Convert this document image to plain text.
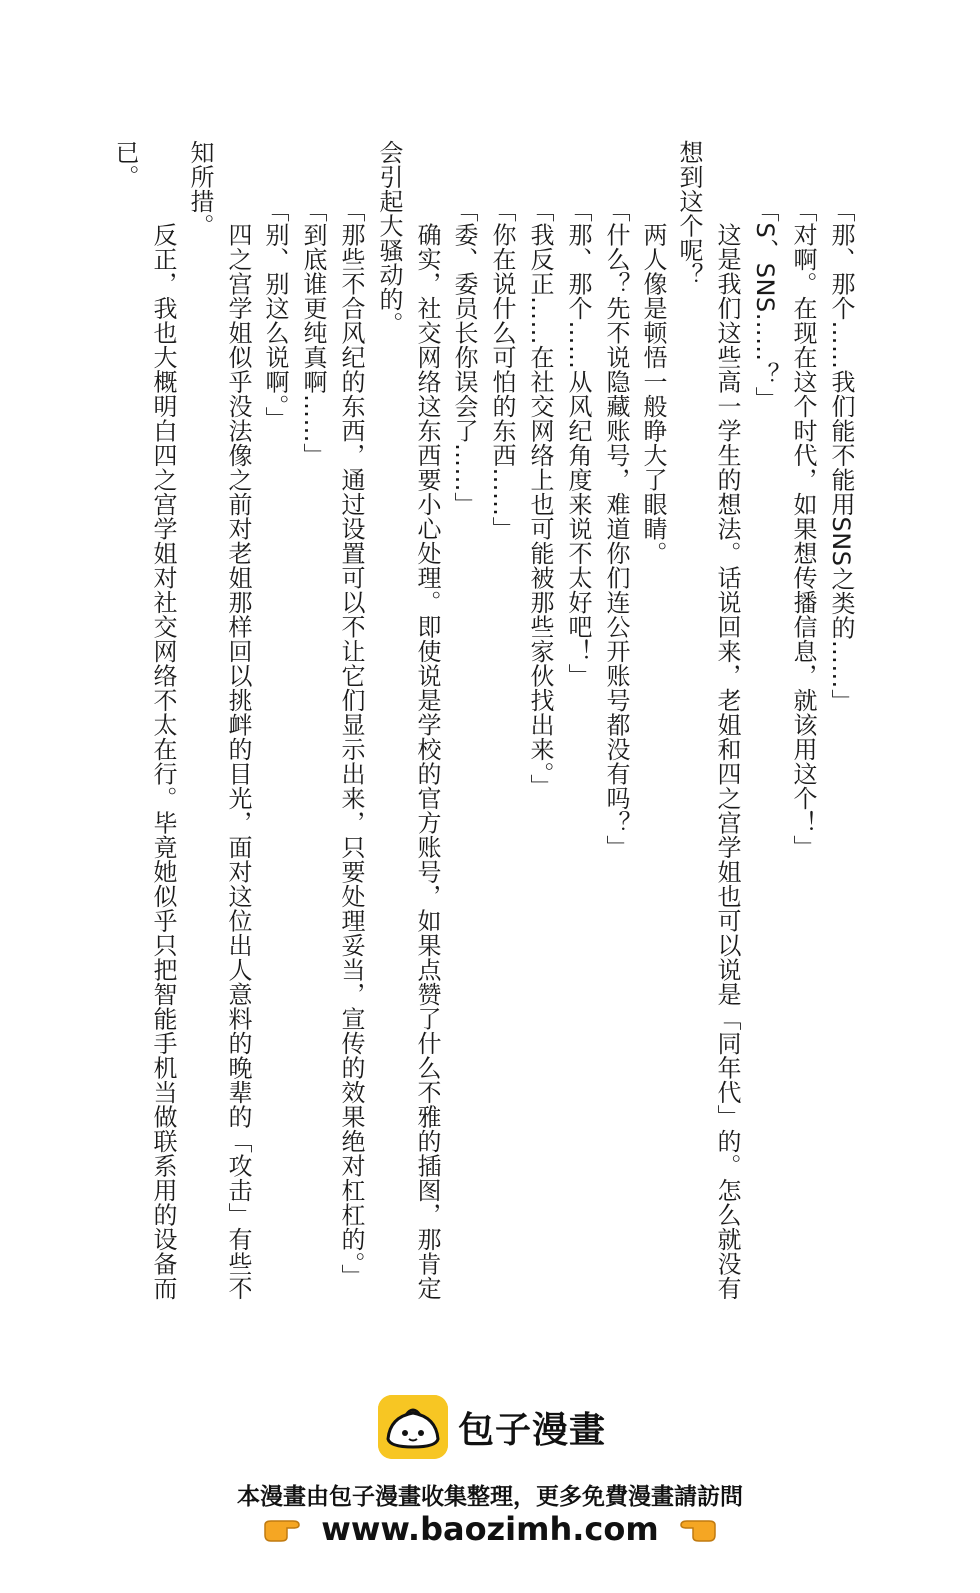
「那、那个……我们能不能用SNS之类的……」
「对啊。在现在这个时代，如果想传播信息，就该用这个！」
「S、SNS……？」
　这是我们这些高一学生的想法。话说回来，老姐和四之宫学姐也可以说是「同年代」的。怎么就没有
想到这个呢？
　两人像是顿悟一般睁大了眼睛。
「什么？先不说隐藏账号，难道你们连公开账号都没有吗？」
「那、那个……从风纪角度来说不太好吧！」
「我反正……在社交网络上也可能被那些家伙找出来。」
「你在说什么可怕的东西……」
「委、委员长你误会了……」
　确实，社交网络这东西要小心处理。即使说是学校的官方账号，如果点赞了什么不雅的插图，那肯定
会引起大骚动的。
「那些不合风纪的东西，通过设置可以不让它们显示出来，只要处理妥当，宣传的效果绝对杠杠的。」
「到底谁更纯真啊……」
「别、别这么说啊。」
　四之宫学姐似乎没法像之前对老姐那样回以挑衅的目光，面对这位出人意料的晚辈的「攻击」有些不
知所措。
　反正，我也大概明白四之宫学姐对社交网络不太在行。毕竟她似乎只把智能手机当做联系用的设备而
已。
包子漫畫
本漫畫由包子漫畫收集整理，更多免費漫畫請訪問
www.baozimh.com
